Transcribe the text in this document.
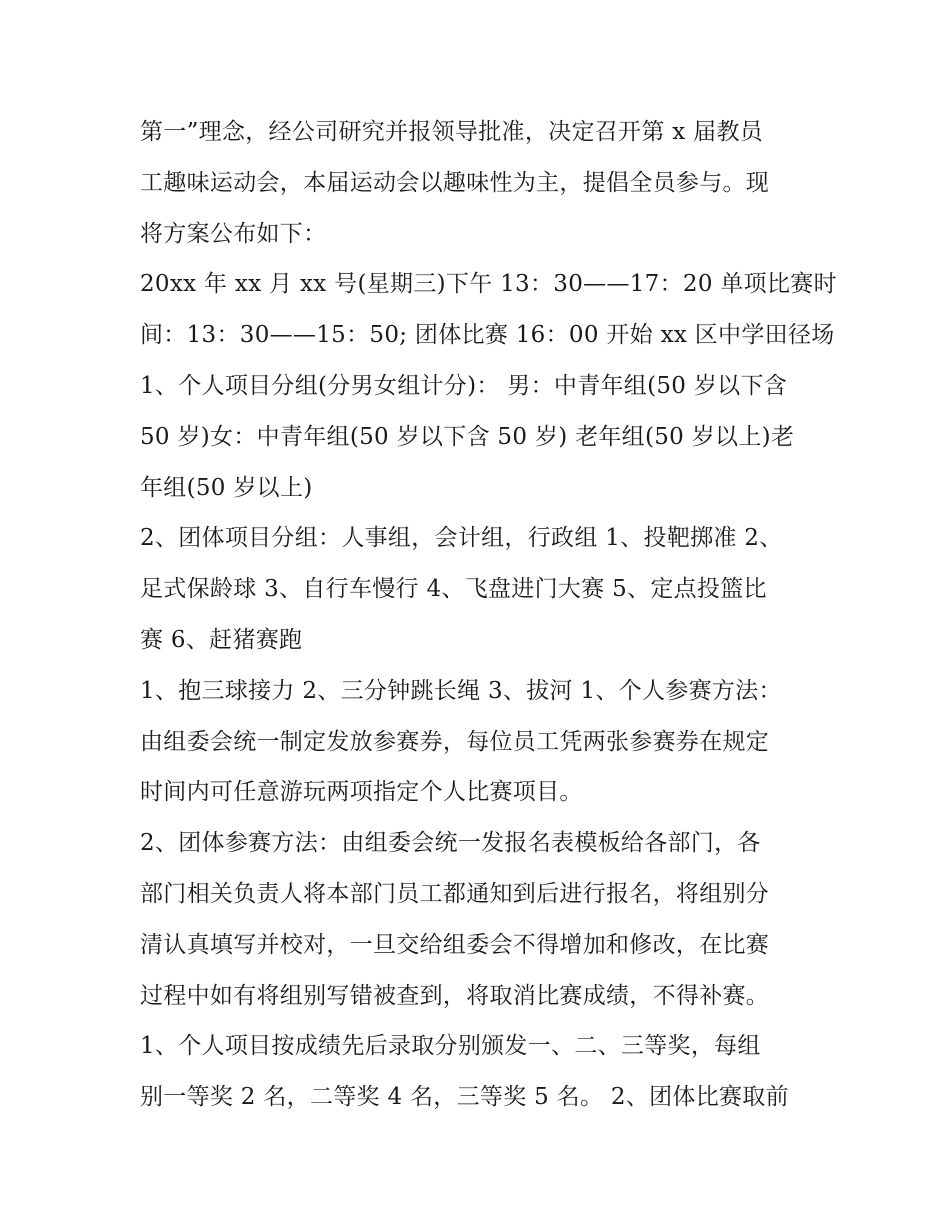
第一”理念，经公司研究并报领导批准，决定召开第 x 届教员
工趣味运动会，本届运动会以趣味性为主，提倡全员参与。现
将方案公布如下：
20xx 年 xx 月 xx 号(星期三)下午 13：30——17：20 单项比赛时
间：13：30——15：50; 团体比赛 16：00 开始 xx 区中学田径场
1、个人项目分组(分男女组计分)： 男：中青年组(50 岁以下含
50 岁)女：中青年组(50 岁以下含 50 岁) 老年组(50 岁以上)老
年组(50 岁以上)
2、团体项目分组：人事组，会计组，行政组 1、投靶掷准 2、
足式保龄球 3、自行车慢行 4、飞盘进门大赛 5、定点投篮比
赛 6、赶猪赛跑
1、抱三球接力 2、三分钟跳长绳 3、拔河 1、个人参赛方法：
由组委会统一制定发放参赛券，每位员工凭两张参赛券在规定
时间内可任意游玩两项指定个人比赛项目。
2、团体参赛方法：由组委会统一发报名表模板给各部门，各
部门相关负责人将本部门员工都通知到后进行报名，将组别分
清认真填写并校对，一旦交给组委会不得增加和修改，在比赛
过程中如有将组别写错被查到，将取消比赛成绩，不得补赛。
1、个人项目按成绩先后录取分别颁发一、二、三等奖，每组
别一等奖 2 名，二等奖 4 名，三等奖 5 名。 2、团体比赛取前
